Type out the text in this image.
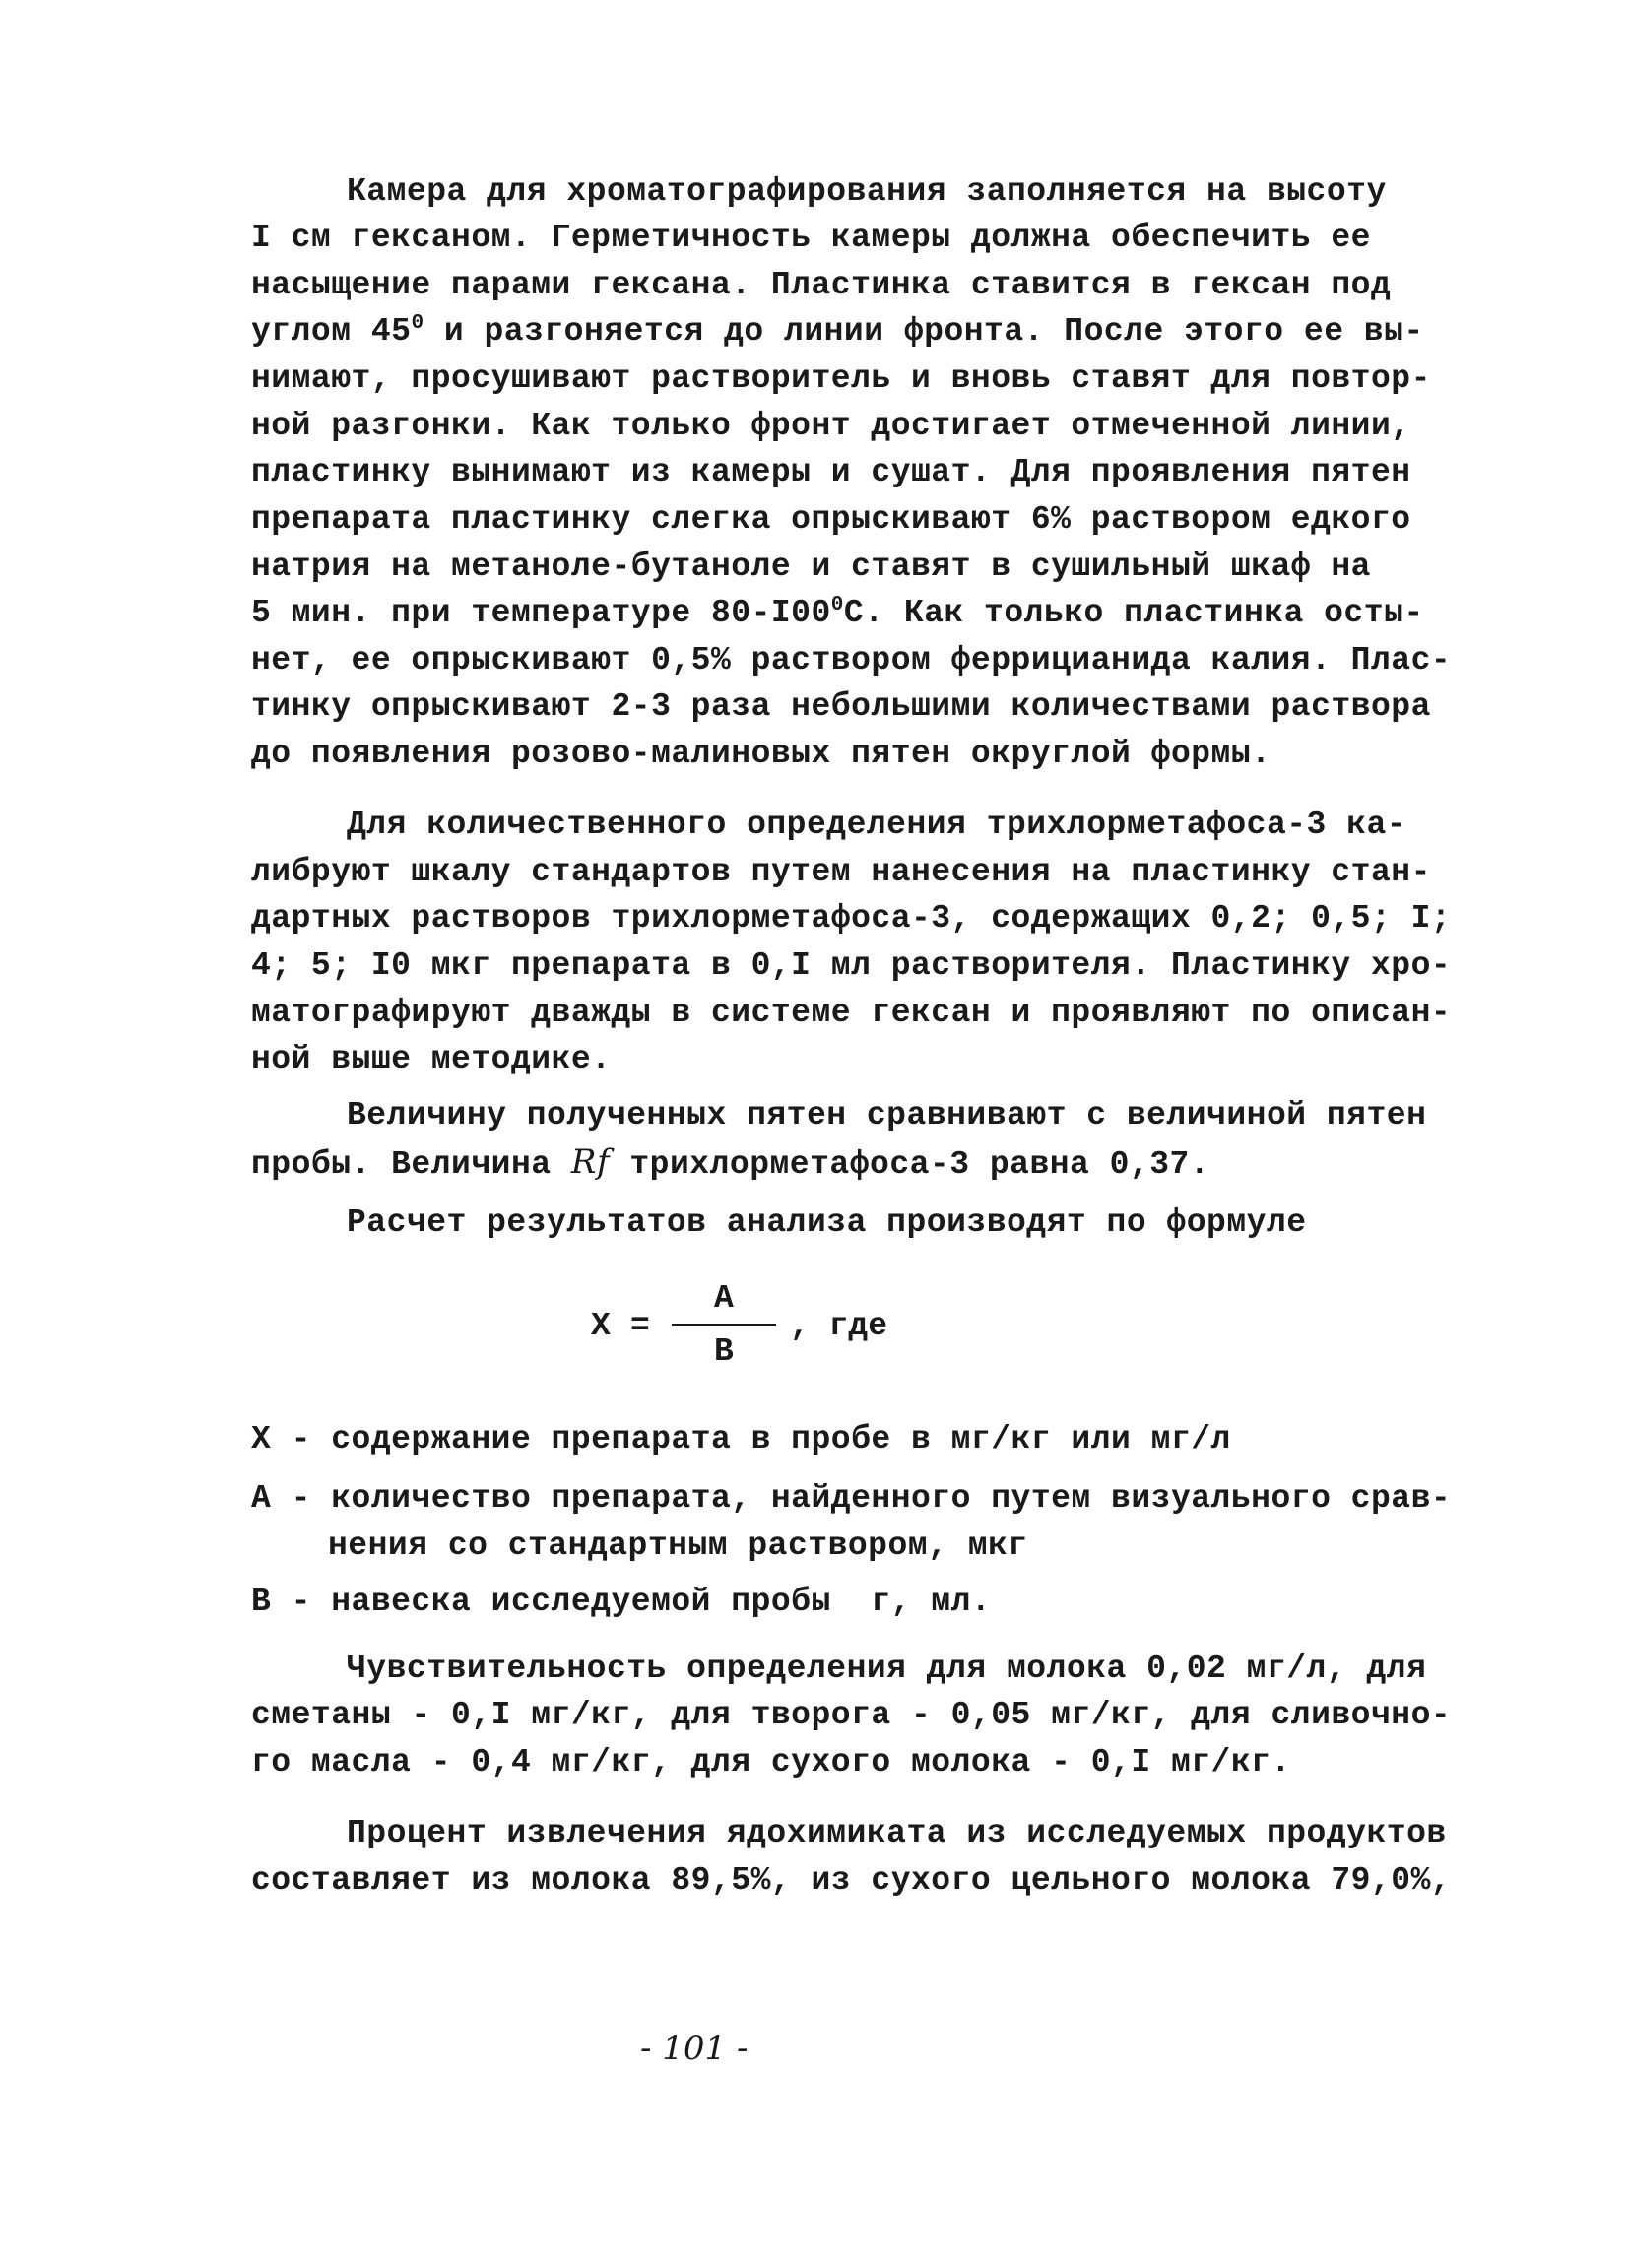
Камера для хроматографирования заполняется на высоту
I см гексаном. Герметичность камеры должна обеспечить ее
насыщение парами гексана. Пластинка ставится в гексан под
углом $45^0$ и разгоняется до линии фронта. После этого ее вы-
нимают, просушивают растворитель и вновь ставят для повтор-
ной разгонки. Как только фронт достигает отмеченной линии,
пластинку вынимают из камеры и сушат. Для проявления пятен
препарата пластинку слегка опрыскивают 6% раствором едкого
натрия на метаноле-бутаноле и ставят в сушильный шкаф на
5 мин. при температуре $80-I00^0С$. Как только пластинка осты-
нет, ее опрыскивают 0,5% раствором феррицианида калия. Плас-
тинку опрыскивают 2-3 раза небольшими количествами раствора
до появления розово-малиновых пятен округлой формы.
Для количественного определения трихлорметафоса-3 ка-
либруют шкалу стандартов путем нанесения на пластинку стан-
дартных растворов трихлорметафоса-3, содержащих 0,2; 0,5; I;
4; 5; I0 мкг препарата в 0,I мл растворителя. Пластинку хро-
матографируют дважды в системе гексан и проявляют по описан-
ной выше методике.
Величину полученных пятен сравнивают с величиной пятен
пробы. Величина Rf трихлорметафоса-3 равна 0,37.
Расчет результатов анализа производят по формуле
X =
A
B
, где
X - содержание препарата в пробе в мг/кг или мг/л
A - количество препарата, найденного путем визуального срав-
нения со стандартным раствором, мкг
B - навеска исследуемой пробы  г, мл.
Чувствительность определения для молока 0,02 мг/л, для
сметаны - 0,I мг/кг, для творога - 0,05 мг/кг, для сливочно-
го масла - 0,4 мг/кг, для сухого молока - 0,I мг/кг.
Процент извлечения ядохимиката из исследуемых продуктов
составляет из молока 89,5%, из сухого цельного молока 79,0%,
- 101 -
